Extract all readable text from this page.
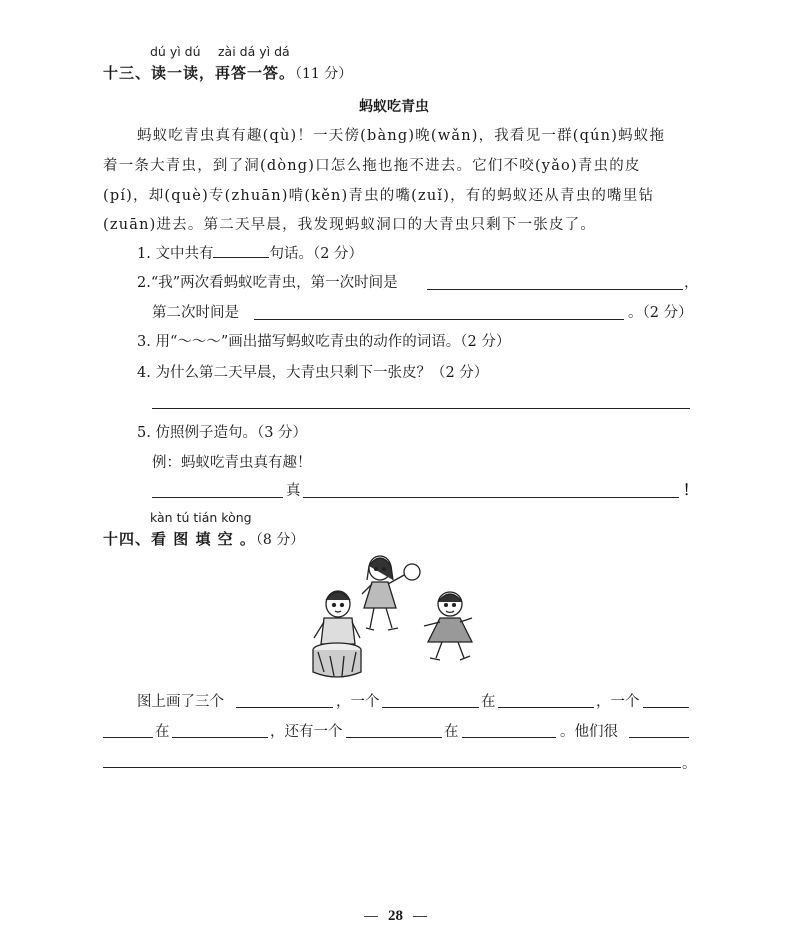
dú yì dú zài dá yì dá
十三、读一读，再答一答。（11 分）
蚂蚁吃青虫
蚂蚁吃青虫真有趣(qù)！一天傍(bàng)晚(wǎn)，我看见一群(qún)蚂蚁拖
着一条大青虫，到了洞(dòng)口怎么拖也拖不进去。它们不咬(yǎo)青虫的皮
(pí)，却(què)专(zhuān)啃(kěn)青虫的嘴(zuǐ)，有的蚂蚁还从青虫的嘴里钻
(zuān)进去。第二天早晨，我发现蚂蚁洞口的大青虫只剩下一张皮了。
1. 文中共有	句话。（2 分）
2.“我”两次看蚂蚁吃青虫，第一次时间是	，
第二次时间是	。（2 分）
3. 用“～～～”画出描写蚂蚁吃青虫的动作的词语。（2 分）
4. 为什么第二天早晨，大青虫只剩下一张皮？（2 分）
5. 仿照例子造句。（3 分）
例：蚂蚁吃青虫真有趣！
真	！
kàn tú tián kòng
十四、看 图 填 空 。（8 分）
图上画了三个	，一个	在	，一个
在	，还有一个	在	。他们很
。
28
